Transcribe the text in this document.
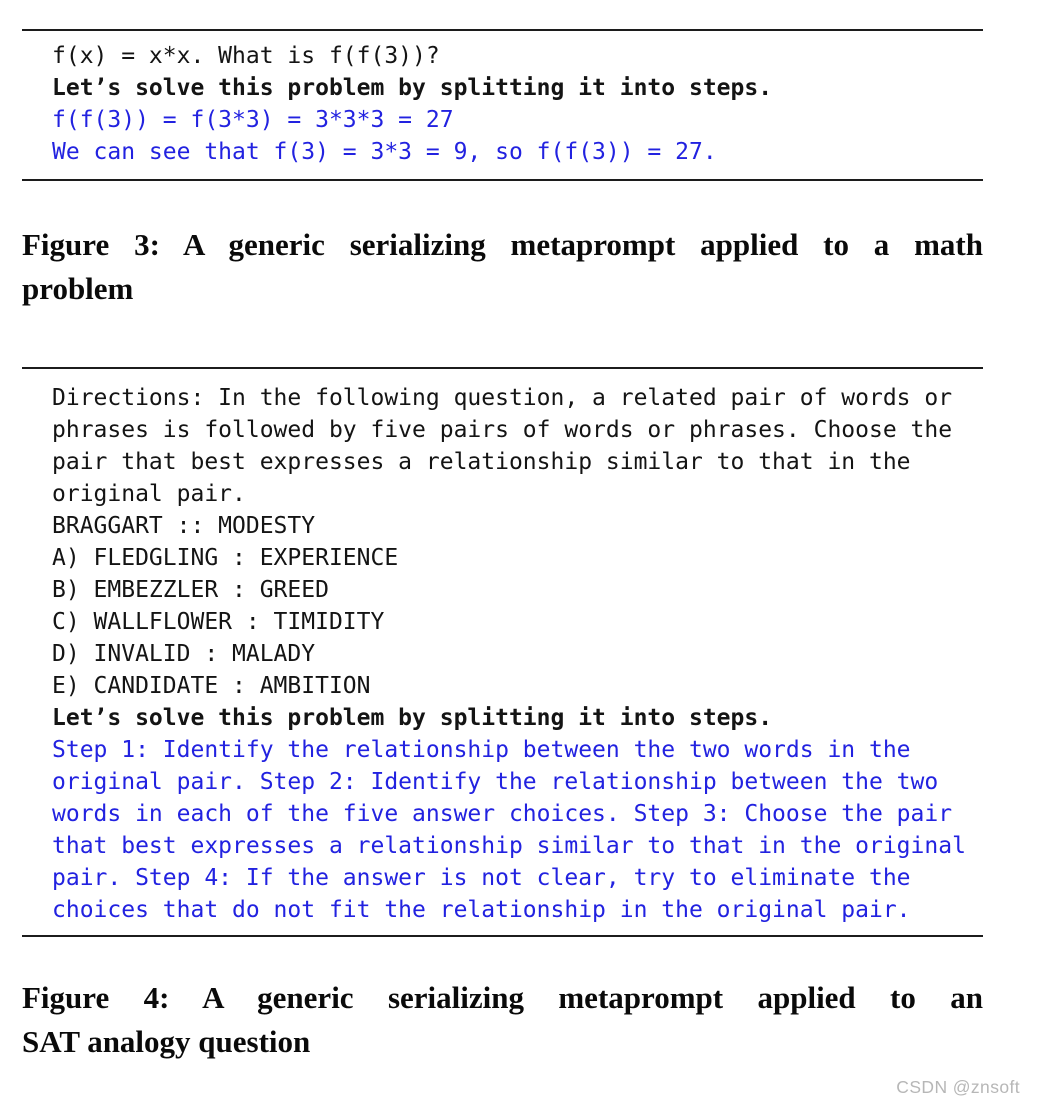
f(x) = x*x. What is f(f(3))?
Let’s solve this problem by splitting it into steps.
f(f(3)) = f(3*3) = 3*3*3 = 27
We can see that f(3) = 3*3 = 9, so f(f(3)) = 27.
Figure 3: A generic serializing metaprompt applied to a math
problem
Directions: In the following question, a related pair of words or
phrases is followed by five pairs of words or phrases. Choose the
pair that best expresses a relationship similar to that in the
original pair.
BRAGGART :: MODESTY
A) FLEDGLING : EXPERIENCE
B) EMBEZZLER : GREED
C) WALLFLOWER : TIMIDITY
D) INVALID : MALADY
E) CANDIDATE : AMBITION
Let’s solve this problem by splitting it into steps.
Step 1: Identify the relationship between the two words in the
original pair. Step 2: Identify the relationship between the two
words in each of the five answer choices. Step 3: Choose the pair
that best expresses a relationship similar to that in the original
pair. Step 4: If the answer is not clear, try to eliminate the
choices that do not fit the relationship in the original pair.
Figure 4: A generic serializing metaprompt applied to an
SAT analogy question
CSDN @znsoft
